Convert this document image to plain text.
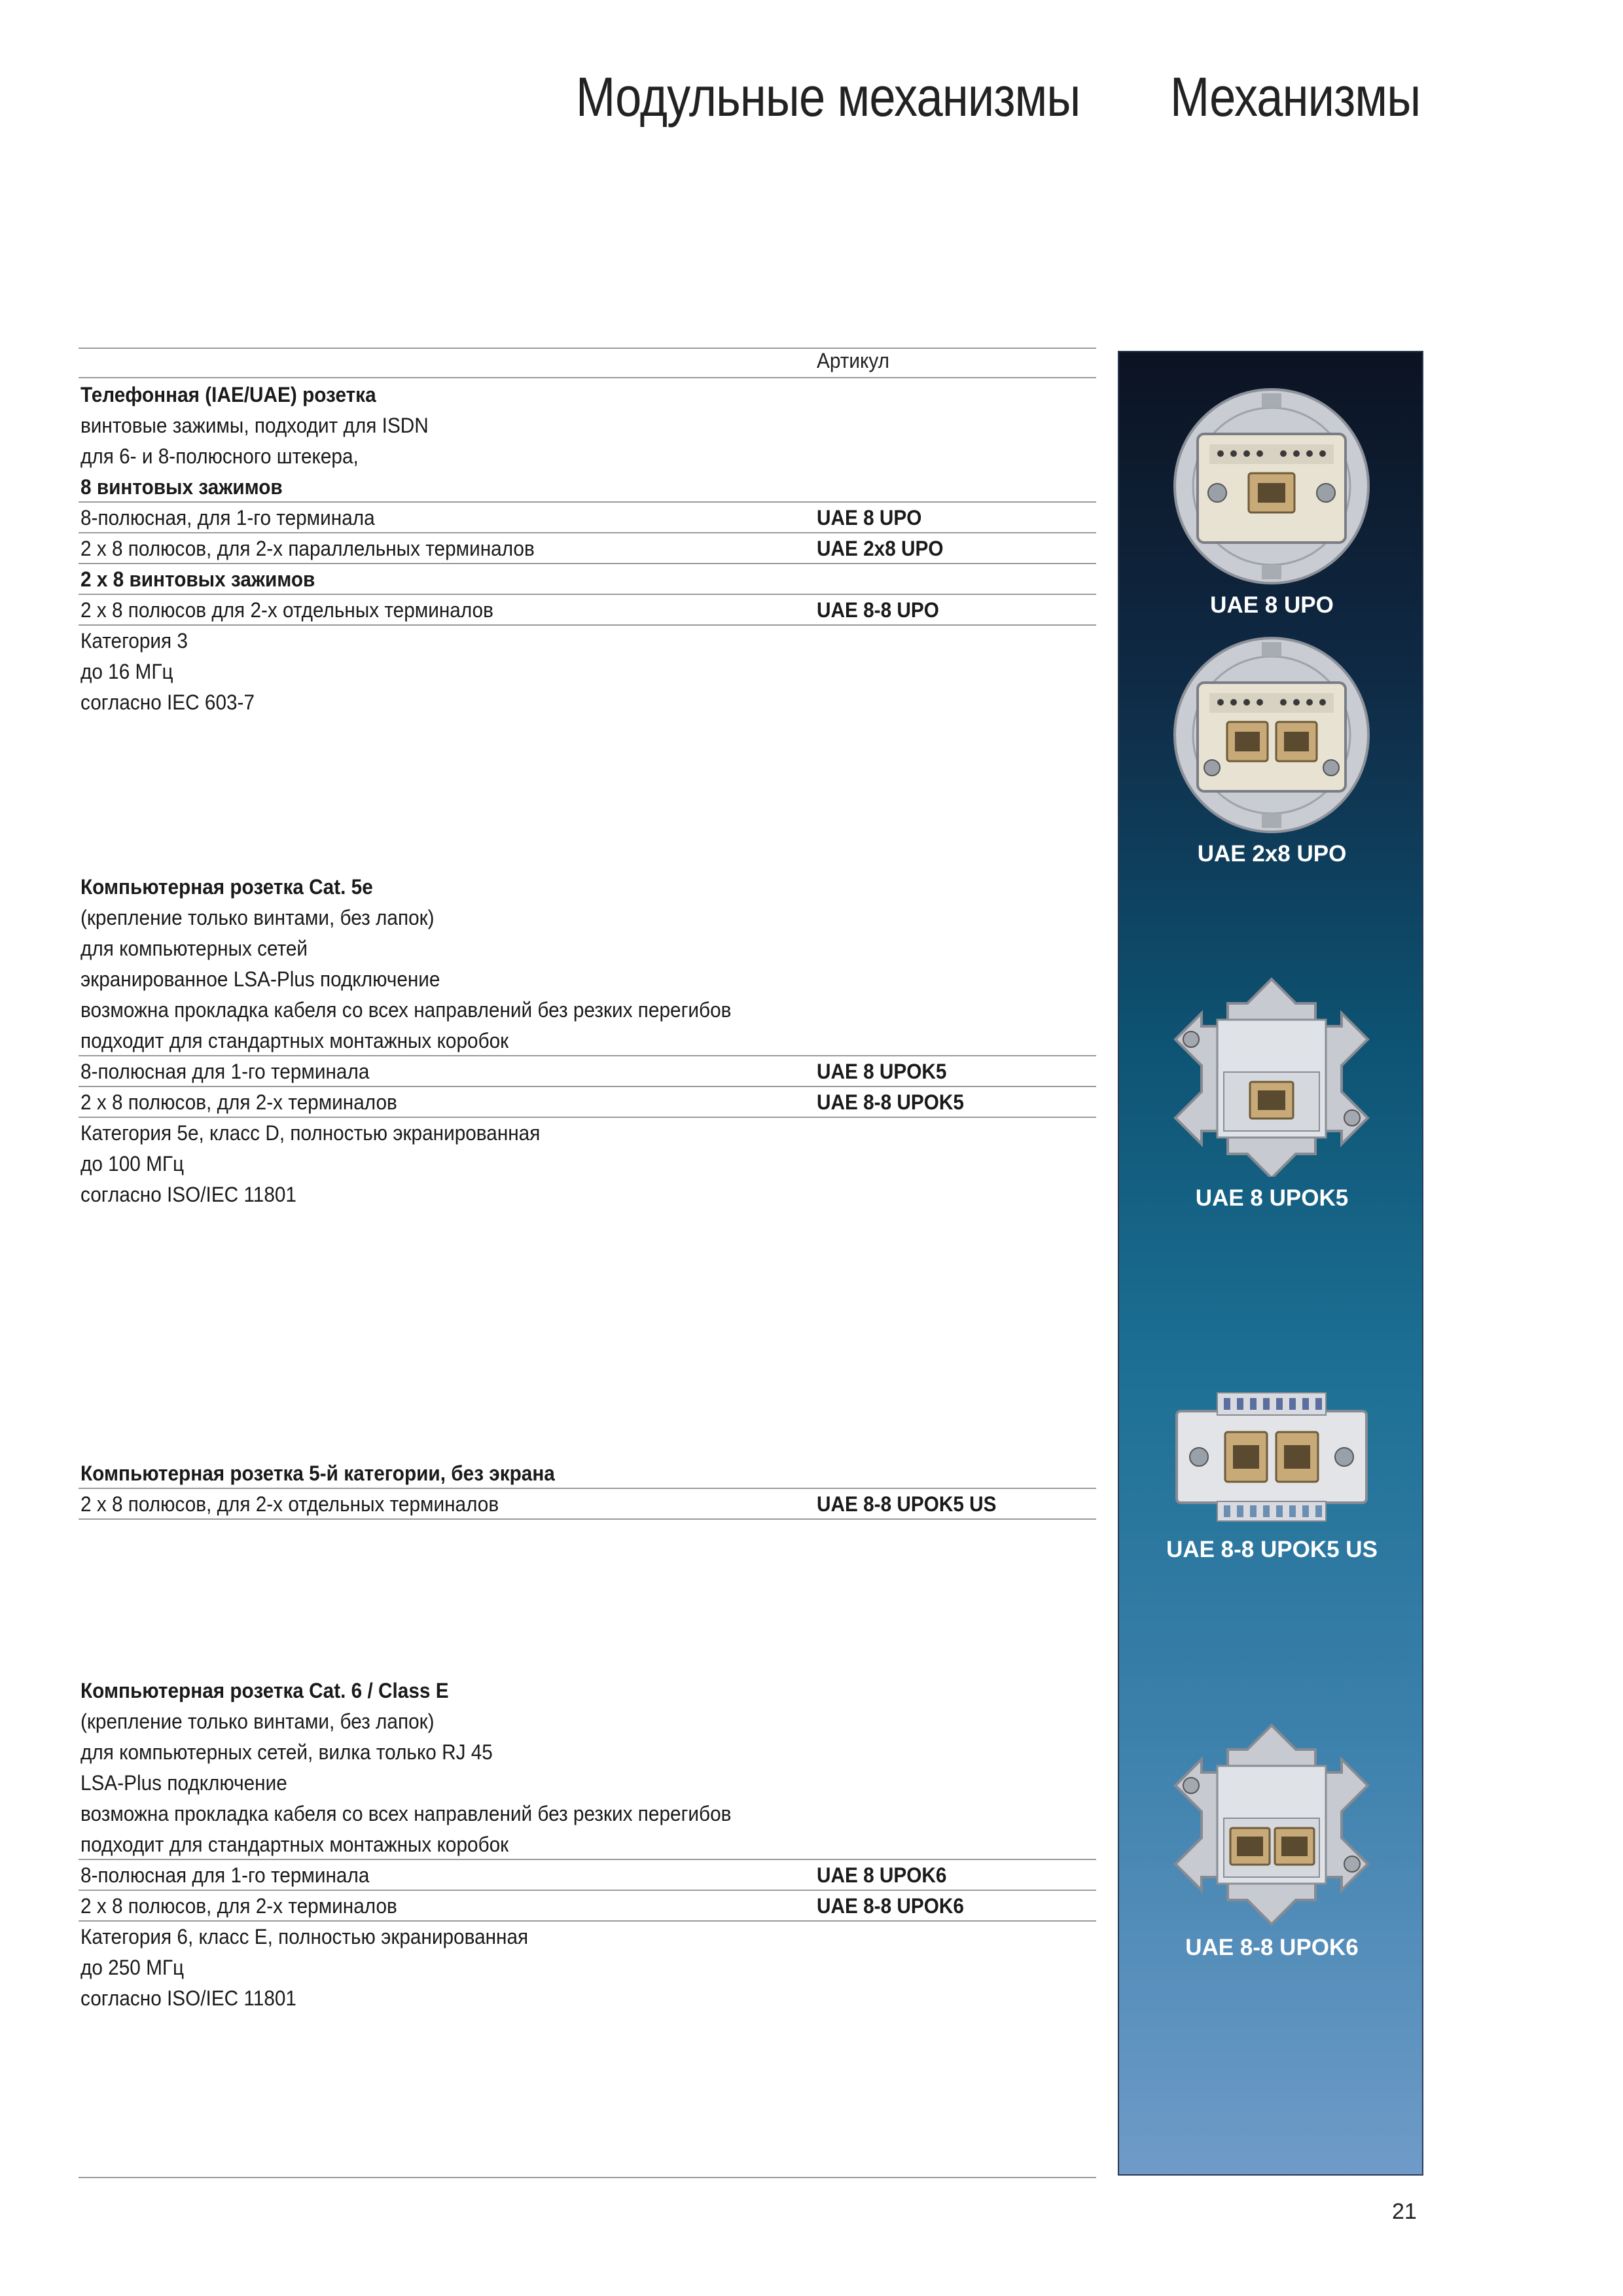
Модульные механизмы Механизмы
Артикул
Телефонная (IAE/UAE) розетка
винтовые зажимы, подходит для ISDN
для 6- и 8-полюсного штекера,
8 винтовых зажимов
8-полюсная, для 1-го терминала	UAE 8 UPO
2 x 8 полюсов, для 2-х параллельных терминалов	UAE 2x8 UPO
2 x 8 винтовых зажимов
2 x 8 полюсов для 2-х отдельных терминалов	UAE 8-8 UPO
Категория 3
до 16 МГц
согласно IEC 603-7
Компьютерная розетка Cat. 5e
(крепление только винтами, без лапок)
для компьютерных сетей
экранированное LSA-Plus подключение
возможна прокладка кабеля со всех направлений без резких перегибов
подходит для стандартных монтажных коробок
8-полюсная для 1-го терминала	UAE 8 UPOK5
2 x 8 полюсов, для 2-х терминалов	UAE 8-8 UPOK5
Категория 5e, класс D, полностью экранированная
до 100 МГц
согласно ISO/IEC 11801
Компьютерная розетка 5-й категории, без экрана
2 x 8 полюсов, для 2-х отдельных терминалов	UAE 8-8 UPOK5 US
Компьютерная розетка Cat. 6 / Class E
(крепление только винтами, без лапок)
для компьютерных сетей, вилка только RJ 45
LSA-Plus подключение
возможна прокладка кабеля со всех направлений без резких перегибов
подходит для стандартных монтажных коробок
8-полюсная для 1-го терминала	UAE 8 UPOK6
2 x 8 полюсов, для 2-х терминалов	UAE 8-8 UPOK6
Категория 6, класс E, полностью экранированная
до 250 МГц
согласно ISO/IEC 11801
UAE 8 UPO
UAE 2x8 UPO
UAE 8 UPOK5
UAE 8-8 UPOK5 US
UAE 8-8 UPOK6
21
